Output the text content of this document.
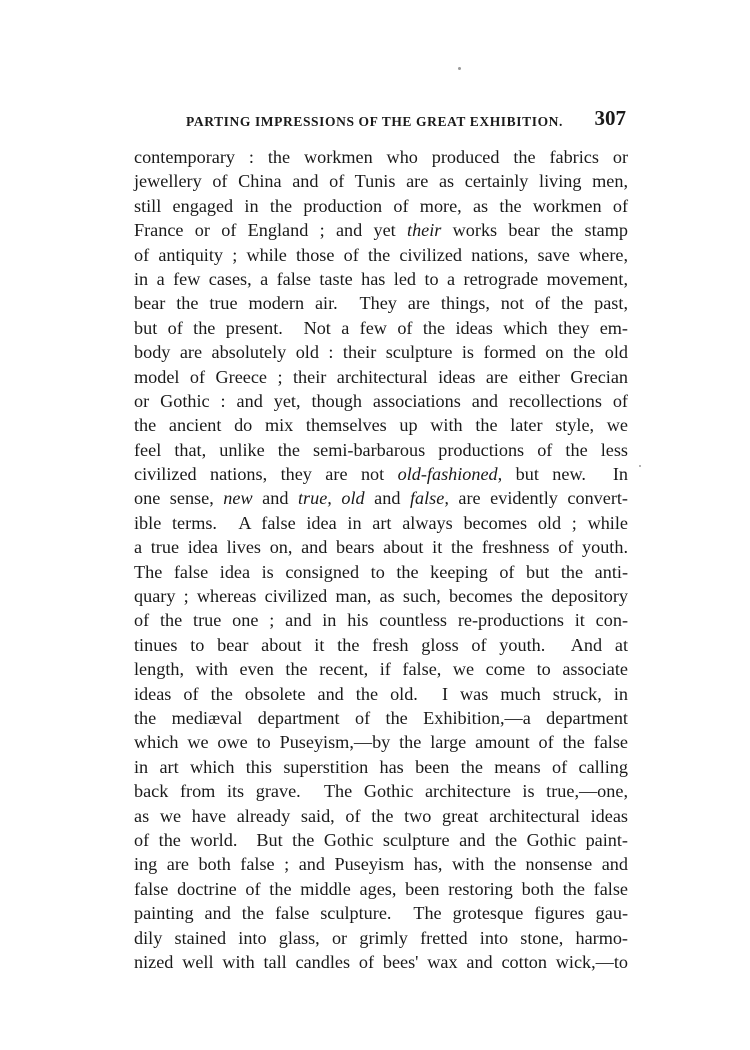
PARTING IMPRESSIONS OF THE GREAT EXHIBITION. 307
contemporary : the workmen who produced the fabrics or
jewellery of China and of Tunis are as certainly living men,
still engaged in the production of more, as the workmen of
France or of England ; and yet their works bear the stamp
of antiquity ; while those of the civilized nations, save where,
in a few cases, a false taste has led to a retrograde movement,
bear the true modern air.  They are things, not of the past,
but of the present.  Not a few of the ideas which they em-
body are absolutely old : their sculpture is formed on the old
model of Greece ; their architectural ideas are either Grecian
or Gothic : and yet, though associations and recollections of
the ancient do mix themselves up with the later style, we
feel that, unlike the semi-barbarous productions of the less
civilized nations, they are not old-fashioned, but new.  In
one sense, new and true, old and false, are evidently convert-
ible terms.  A false idea in art always becomes old ; while
a true idea lives on, and bears about it the freshness of youth.
The false idea is consigned to the keeping of but the anti-
quary ; whereas civilized man, as such, becomes the depository
of the true one ; and in his countless re-productions it con-
tinues to bear about it the fresh gloss of youth.  And at
length, with even the recent, if false, we come to associate
ideas of the obsolete and the old.  I was much struck, in
the mediæval department of the Exhibition,—a department
which we owe to Puseyism,—by the large amount of the false
in art which this superstition has been the means of calling
back from its grave.  The Gothic architecture is true,—one,
as we have already said, of the two great architectural ideas
of the world.  But the Gothic sculpture and the Gothic paint-
ing are both false ; and Puseyism has, with the nonsense and
false doctrine of the middle ages, been restoring both the false
painting and the false sculpture.  The grotesque figures gau-
dily stained into glass, or grimly fretted into stone, harmo-
nized well with tall candles of bees' wax and cotton wick,—to
